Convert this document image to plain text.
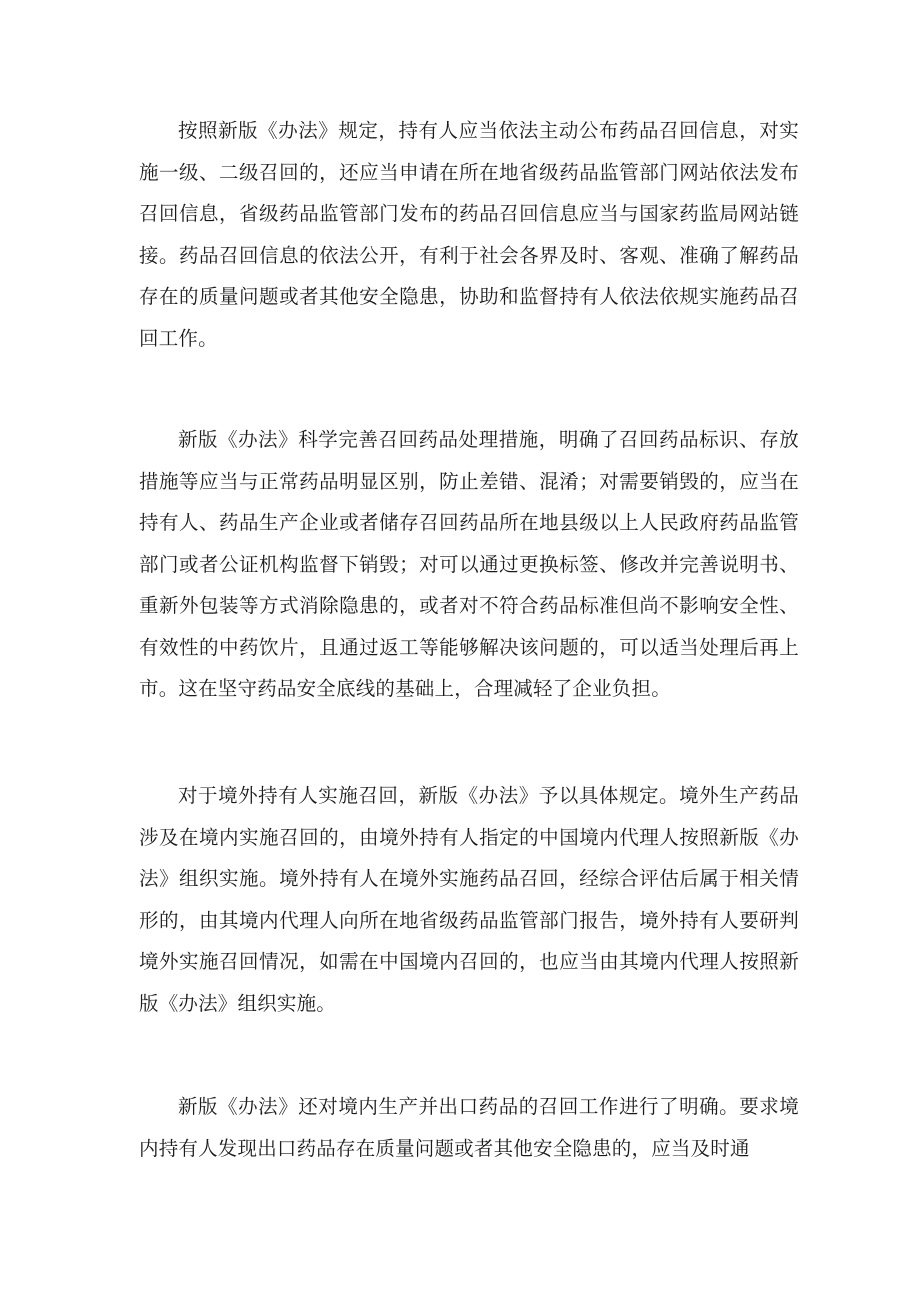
按照新版《办法》规定，持有人应当依法主动公布药品召回信息，对实施一级、二级召回的，还应当申请在所在地省级药品监管部门网站依法发布召回信息，省级药品监管部门发布的药品召回信息应当与国家药监局网站链接。药品召回信息的依法公开，有利于社会各界及时、客观、准确了解药品存在的质量问题或者其他安全隐患，协助和监督持有人依法依规实施药品召回工作。

新版《办法》科学完善召回药品处理措施，明确了召回药品标识、存放措施等应当与正常药品明显区别，防止差错、混淆；对需要销毁的，应当在持有人、药品生产企业或者储存召回药品所在地县级以上人民政府药品监管部门或者公证机构监督下销毁；对可以通过更换标签、修改并完善说明书、重新外包装等方式消除隐患的，或者对不符合药品标准但尚不影响安全性、有效性的中药饮片，且通过返工等能够解决该问题的，可以适当处理后再上市。这在坚守药品安全底线的基础上，合理减轻了企业负担。

对于境外持有人实施召回，新版《办法》予以具体规定。境外生产药品涉及在境内实施召回的，由境外持有人指定的中国境内代理人按照新版《办法》组织实施。境外持有人在境外实施药品召回，经综合评估后属于相关情形的，由其境内代理人向所在地省级药品监管部门报告，境外持有人要研判境外实施召回情况，如需在中国境内召回的，也应当由其境内代理人按照新版《办法》组织实施。

新版《办法》还对境内生产并出口药品的召回工作进行了明确。要求境内持有人发现出口药品存在质量问题或者其他安全隐患的，应当及时通
